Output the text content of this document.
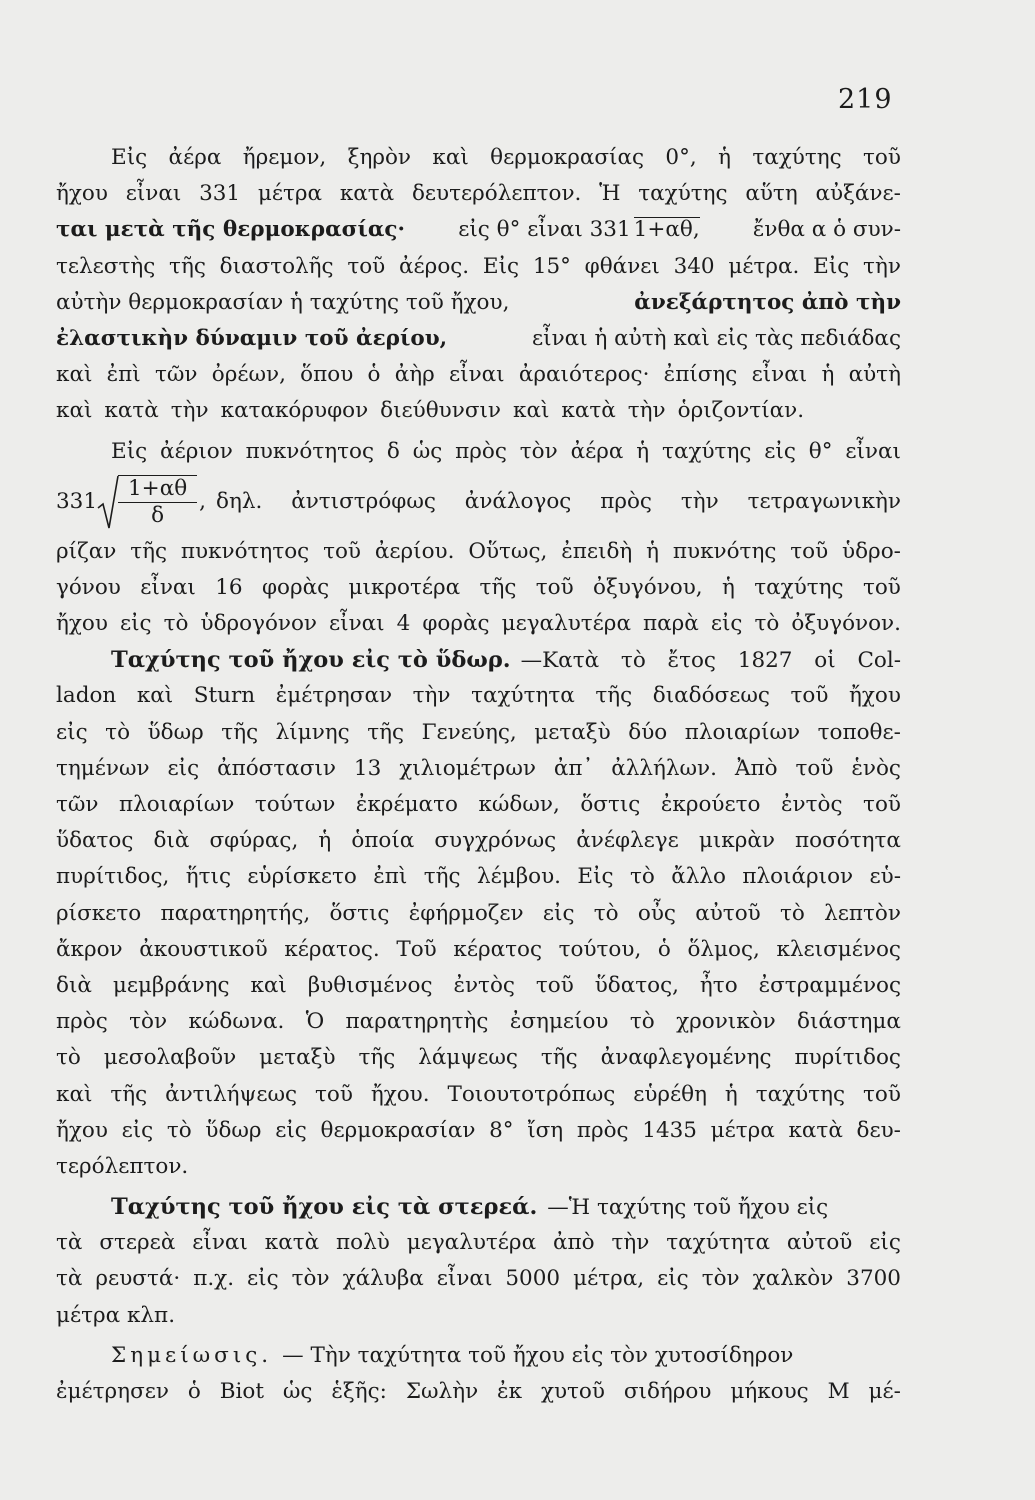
219
Εἰς ἀέρα ἤρεμον, ξηρὸν καὶ θερμοκρασίας 0°, ἡ ταχύτης τοῦ
ἤχου εἶναι 331 μέτρα κατὰ δευτερόλεπτον. Ἡ ταχύτης αὕτη αὐξάνε-
ται μετὰ τῆς θερμοκρασίας· εἰς θ° εἶναι 331 1+αθ, ἔνθα α ὁ συν-
τελεστὴς τῆς διαστολῆς τοῦ ἀέρος. Εἰς 15° φθάνει 340 μέτρα. Εἰς τὴν
αὐτὴν θερμοκρασίαν ἡ ταχύτης τοῦ ἤχου,	ἀνεξάρτητος ἀπὸ τὴν
ἐλαστικὴν δύναμιν τοῦ ἀερίου,	εἶναι ἡ αὐτὴ καὶ εἰς τὰς πεδιάδας
καὶ ἐπὶ τῶν ὀρέων, ὅπου ὁ ἀὴρ εἶναι ἀραιότερος· ἐπίσης εἶναι ἡ αὐτὴ
καὶ κατὰ τὴν κατακόρυφον διεύθυνσιν καὶ κατὰ τὴν ὁριζοντίαν.
Εἰς ἀέριον πυκνότητος δ ὡς πρὸς τὸν ἀέρα ἡ ταχύτης εἰς θ° εἶναι
$331 \frac{1+\alpha\theta}{\delta}$ , δηλ. ἀντιστρόφως ἀνάλογος πρὸς τὴν τετραγωνικὴν
ρίζαν τῆς πυκνότητος τοῦ ἀερίου. Οὕτως, ἐπειδὴ ἡ πυκνότης τοῦ ὑδρο-
γόνου εἶναι 16 φορὰς μικροτέρα τῆς τοῦ ὀξυγόνου, ἡ ταχύτης τοῦ
ἤχου εἰς τὸ ὑδρογόνον εἶναι 4 φορὰς μεγαλυτέρα παρὰ εἰς τὸ ὀξυγόνον.
Ταχύτης τοῦ ἤχου εἰς τὸ ὕδωρ. —Κατὰ τὸ ἔτος 1827 οἱ Col-
ladon καὶ Sturn ἐμέτρησαν τὴν ταχύτητα τῆς διαδόσεως τοῦ ἤχου
εἰς τὸ ὕδωρ τῆς λίμνης τῆς Γενεύης, μεταξὺ δύο πλοιαρίων τοποθε-
τημένων εἰς ἀπόστασιν 13 χιλιομέτρων ἀπ᾿ ἀλλήλων. Ἀπὸ τοῦ ἑνὸς
τῶν πλοιαρίων τούτων ἐκρέματο κώδων, ὅστις ἐκρούετο ἐντὸς τοῦ
ὕδατος διὰ σφύρας, ἡ ὁποία συγχρόνως ἀνέφλεγε μικρὰν ποσότητα
πυρίτιδος, ἥτις εὑρίσκετο ἐπὶ τῆς λέμβου. Εἰς τὸ ἄλλο πλοιάριον εὑ-
ρίσκετο παρατηρητής, ὅστις ἐφήρμοζεν εἰς τὸ οὖς αὐτοῦ τὸ λεπτὸν
ἄκρον ἀκουστικοῦ κέρατος. Τοῦ κέρατος τούτου, ὁ ὅλμος, κλεισμένος
διὰ μεμβράνης καὶ βυθισμένος ἐντὸς τοῦ ὕδατος, ἦτο ἐστραμμένος
πρὸς τὸν κώδωνα. Ὁ παρατηρητὴς ἐσημείου τὸ χρονικὸν διάστημα
τὸ μεσολαβοῦν μεταξὺ τῆς λάμψεως τῆς ἀναφλεγομένης πυρίτιδος
καὶ τῆς ἀντιλήψεως τοῦ ἤχου. Τοιουτοτρόπως εὑρέθη ἡ ταχύτης τοῦ
ἤχου εἰς τὸ ὕδωρ εἰς θερμοκρασίαν 8° ἴση πρὸς 1435 μέτρα κατὰ δευ-
τερόλεπτον.
Ταχύτης τοῦ ἤχου εἰς τὰ στερεά. —Ἡ ταχύτης τοῦ ἤχου εἰς
τὰ στερεὰ εἶναι κατὰ πολὺ μεγαλυτέρα ἀπὸ τὴν ταχύτητα αὐτοῦ εἰς
τὰ ρευστά· π.χ. εἰς τὸν χάλυβα εἶναι 5000 μέτρα, εἰς τὸν χαλκὸν 3700
μέτρα κλπ.
Σημείωσις. — Τὴν ταχύτητα τοῦ ἤχου εἰς τὸν χυτοσίδηρον
ἐμέτρησεν ὁ Biot ὡς ἑξῆς: Σωλὴν ἐκ χυτοῦ σιδήρου μήκους Μ μέ-
